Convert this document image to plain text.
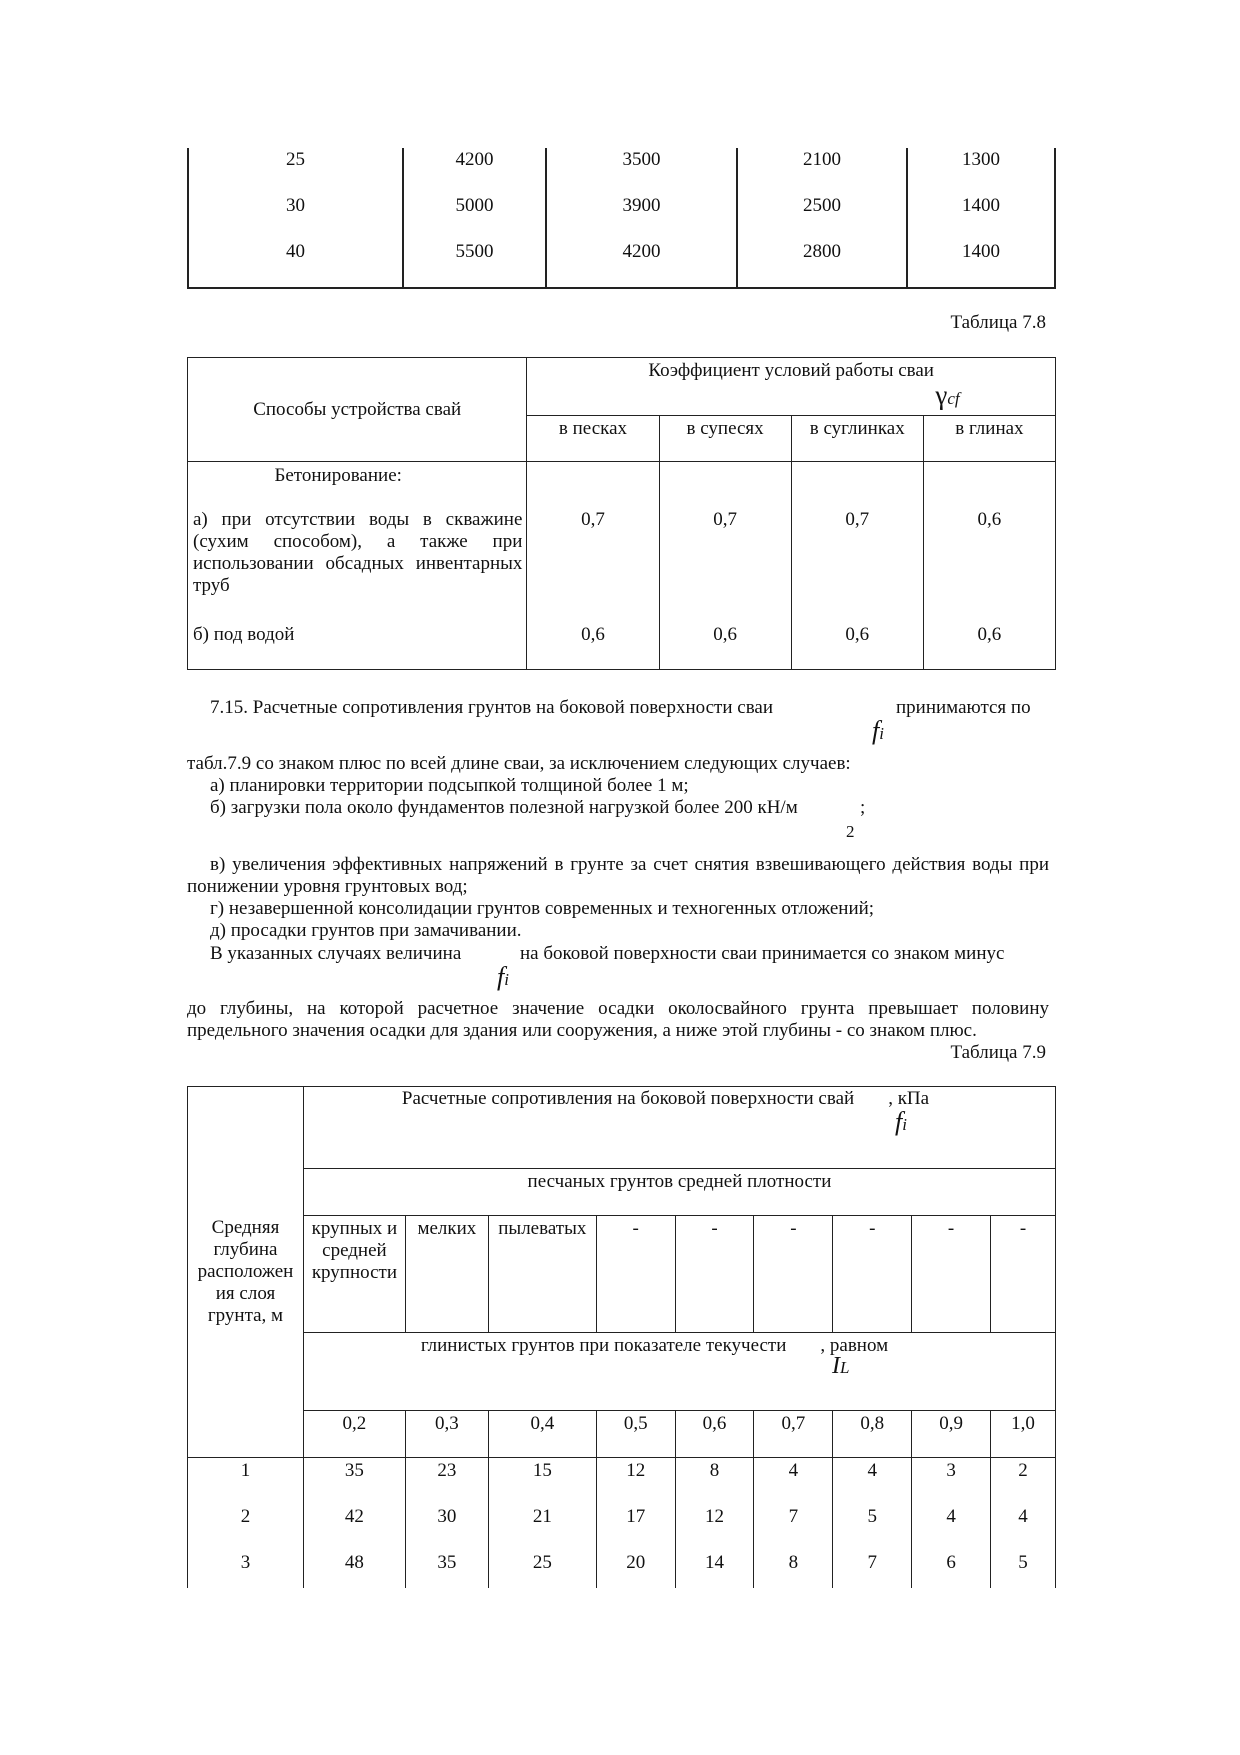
25	4200	3500	2100	1300
30	5000	3900	2500	1400
40	5500	4200	2800	1400
Таблица 7.8
Способы устройства свай	Коэффициент условий работы сваи
γcf			

	в песках	в супесях	в суглинках	в глинах

Бетонирование:
а) при отсутствии воды в скважине (сухим способом), а также при использовании обсадных инвентарных труб	0,7	0,7	0,7	0,6

б) под водой	0,6	0,6	0,6	0,6
7.15. Расчетные сопротивления грунтов на боковой поверхности сваи	принимаются по
fi
табл.7.9 со знаком плюс по всей длине сваи, за исключением следующих случаев:
а) планировки территории подсыпкой толщиной более 1 м;
б) загрузки пола около фундаментов полезной нагрузкой более 200 кН/м
2
;
в) увеличения эффективных напряжений в грунте за счет снятия взвешивающего действия воды при понижении уровня грунтовых вод;
г) незавершенной консолидации грунтов современных и техногенных отложений;
д) просадки грунтов при замачивании.
В указанных случаях величина	на боковой поверхности сваи принимается со знаком минус
fi
до глубины, на которой расчетное значение осадки околосвайного грунта превышает половину предельного значения осадки для здания или сооружения, а ниже этой глубины - со знаком плюс.
Таблица 7.9
Средняя глубина расположен ия слоя грунта, м	Расчетные сопротивления на боковой поверхности свай , кПа
fi								

	песчаных грунтов средней плотности								

	крупных и средней крупности	мелких	пылеватых	-	-	-	-	-	-

	глинистых грунтов при показателе текучести , равном
IL								

	0,2	0,3	0,4	0,5	0,6	0,7	0,8	0,9	1,0

1	35	23	15	12	8	4	4	3	2

2	42	30	21	17	12	7	5	4	4

3	48	35	25	20	14	8	7	6	5
